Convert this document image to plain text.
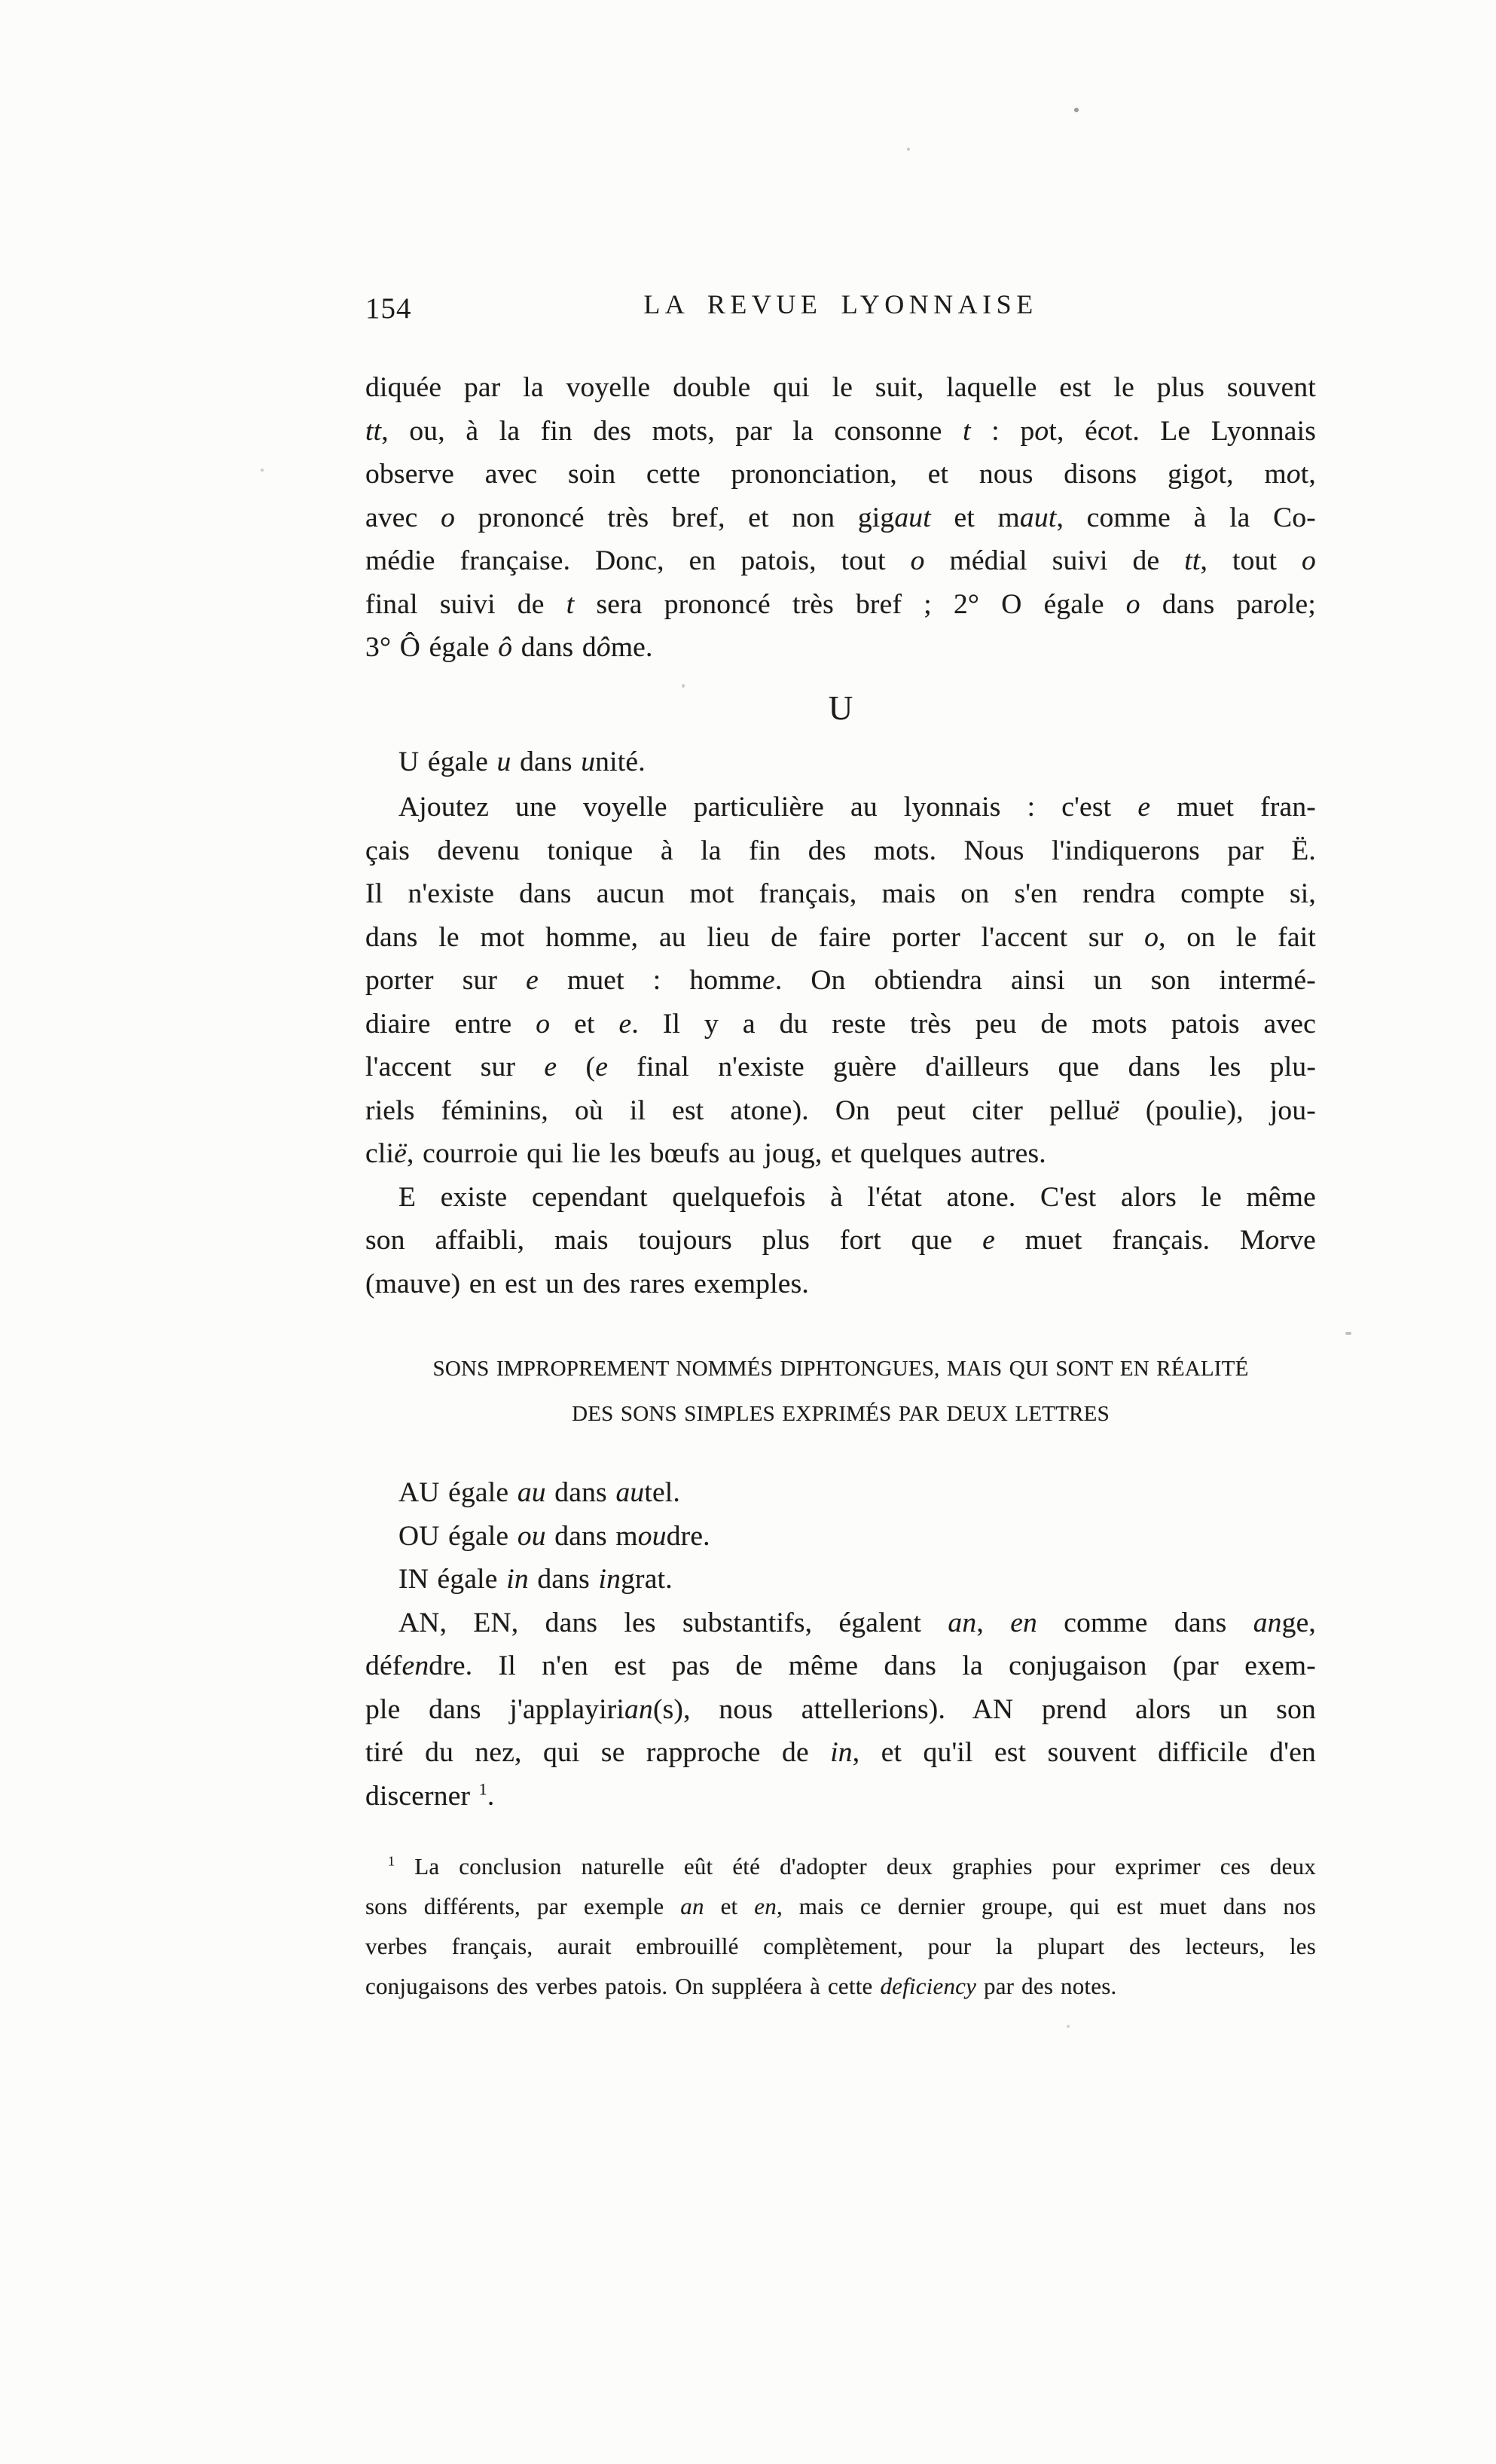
154	LA REVUE LYONNAISE
diquée par la voyelle double qui le suit, laquelle est le plus souvent
tt, ou, à la fin des mots, par la consonne t : pot, écot. Le Lyonnais
observe avec soin cette prononciation, et nous disons gigot, mot,
avec o prononcé très bref, et non gigaut et maut, comme à la Co-
médie française. Donc, en patois, tout o médial suivi de tt, tout o
final suivi de t sera prononcé très bref ; 2° O égale o dans parole;
3° Ô égale ô dans dôme.
U
U égale u dans unité.
Ajoutez une voyelle particulière au lyonnais : c'est e muet fran-
çais devenu tonique à la fin des mots. Nous l'indiquerons par Ë.
Il n'existe dans aucun mot français, mais on s'en rendra compte si,
dans le mot homme, au lieu de faire porter l'accent sur o, on le fait
porter sur e muet : homme. On obtiendra ainsi un son intermé-
diaire entre o et e. Il y a du reste très peu de mots patois avec
l'accent sur e (e final n'existe guère d'ailleurs que dans les plu-
riels féminins, où il est atone). On peut citer pelluë (poulie), jou-
clië, courroie qui lie les bœufs au joug, et quelques autres.
E existe cependant quelquefois à l'état atone. C'est alors le même
son affaibli, mais toujours plus fort que e muet français. Morve
(mauve) en est un des rares exemples.
SONS IMPROPREMENT NOMMÉS DIPHTONGUES, MAIS QUI SONT EN RÉALITÉ
DES SONS SIMPLES EXPRIMÉS PAR DEUX LETTRES
AU égale au dans autel.
OU égale ou dans moudre.
IN égale in dans ingrat.
AN, EN, dans les substantifs, égalent an, en comme dans ange,
défendre. Il n'en est pas de même dans la conjugaison (par exem-
ple dans j'applayirian(s), nous attellerions). AN prend alors un son
tiré du nez, qui se rapproche de in, et qu'il est souvent difficile d'en
discerner $^1$.
$^1$ La conclusion naturelle eût été d'adopter deux graphies pour exprimer ces deux
sons différents, par exemple an et en, mais ce dernier groupe, qui est muet dans nos
verbes français, aurait embrouillé complètement, pour la plupart des lecteurs, les
conjugaisons des verbes patois. On suppléera à cette deficiency par des notes.
